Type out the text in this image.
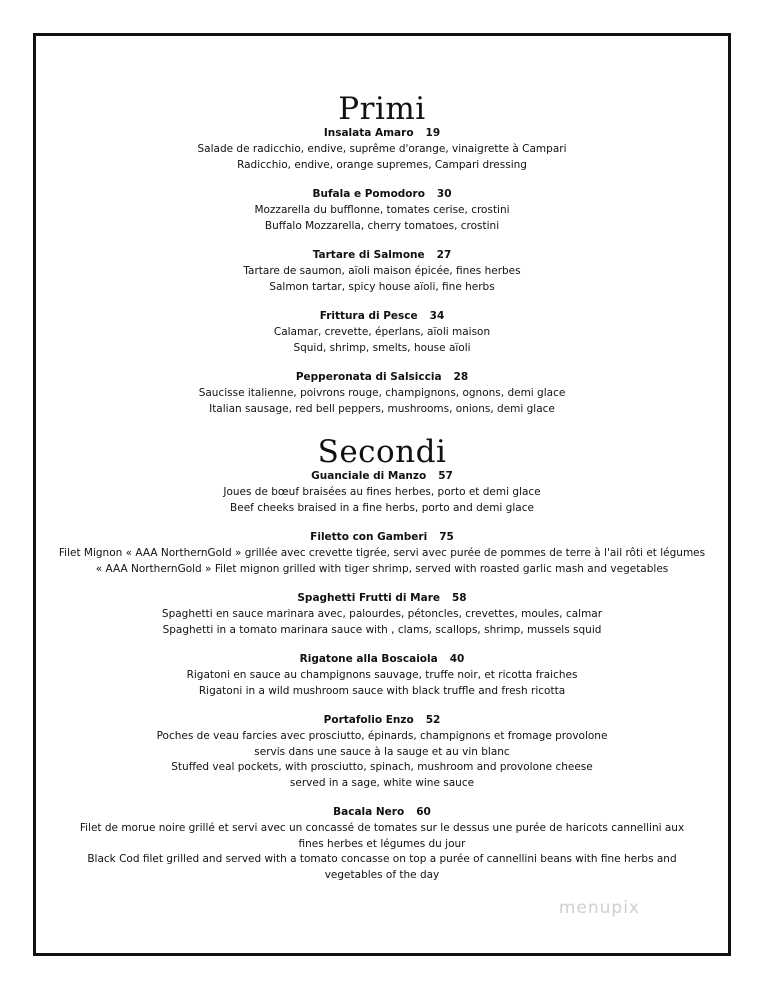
Primi
Insalata Amaro 19
Salade de radicchio, endive, suprême d'orange, vinaigrette à Campari
Radicchio, endive, orange supremes, Campari dressing
Bufala e Pomodoro 30
Mozzarella du bufflonne, tomates cerise, crostini
Buffalo Mozzarella, cherry tomatoes, crostini
Tartare di Salmone 27
Tartare de saumon, aïoli maison épicée, fines herbes
Salmon tartar, spicy house aïoli, fine herbs
Frittura di Pesce 34
Calamar, crevette, éperlans, aïoli maison
Squid, shrimp, smelts, house aïoli
Pepperonata di Salsiccia 28
Saucisse italienne, poivrons rouge, champignons, ognons, demi glace
Italian sausage, red bell peppers, mushrooms, onions, demi glace
Secondi
Guanciale di Manzo 57
Joues de bœuf braisées au fines herbes, porto et demi glace
Beef cheeks braised in a fine herbs, porto and demi glace
Filetto con Gamberi 75
Filet Mignon « AAA NorthernGold » grillée avec crevette tigrée, servi avec purée de pommes de terre à l'ail rôti et légumes
« AAA NorthernGold » Filet mignon grilled with tiger shrimp, served with roasted garlic mash and vegetables
Spaghetti Frutti di Mare 58
Spaghetti en sauce marinara avec, palourdes, pétoncles, crevettes, moules, calmar
Spaghetti in a tomato marinara sauce with , clams, scallops, shrimp, mussels squid
Rigatone alla Boscaiola 40
Rigatoni en sauce au champignons sauvage, truffe noir, et ricotta fraiches
Rigatoni in a wild mushroom sauce with black truffle and fresh ricotta
Portafolio Enzo 52
Poches de veau farcies avec prosciutto, épinards, champignons et fromage provolone
servis dans une sauce à la sauge et au vin blanc
Stuffed veal pockets, with prosciutto, spinach, mushroom and provolone cheese
served in a sage, white wine sauce
Bacala Nero 60
Filet de morue noire grillé et servi avec un concassé de tomates sur le dessus une purée de haricots cannellini aux
fines herbes et légumes du jour
Black Cod filet grilled and served with a tomato concasse on top a purée of cannellini beans with fine herbs and
vegetables of the day
menupix
